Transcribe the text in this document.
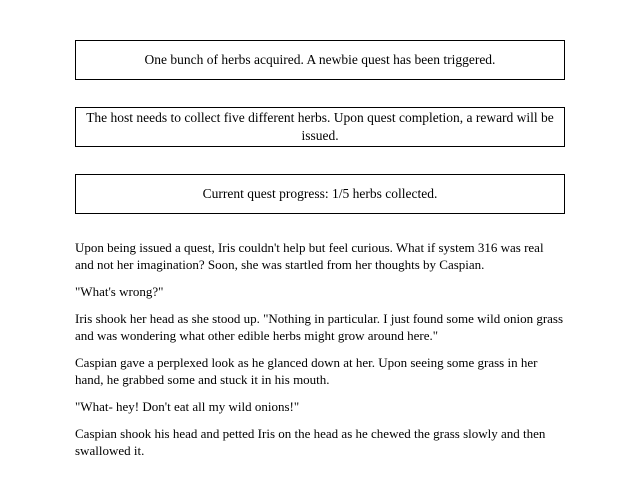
One bunch of herbs acquired. A newbie quest has been triggered.
The host needs to collect five different herbs. Upon quest completion, a reward will be issued.
Current quest progress: 1/5 herbs collected.

Upon being issued a quest, Iris couldn't help but feel curious. What if system 316 was real and not her imagination? Soon, she was startled from her thoughts by Caspian.

"What's wrong?"

Iris shook her head as she stood up. "Nothing in particular. I just found some wild onion grass and was wondering what other edible herbs might grow around here."

Caspian gave a perplexed look as he glanced down at her. Upon seeing some grass in her hand, he grabbed some and stuck it in his mouth.

"What- hey! Don't eat all my wild onions!"

Caspian shook his head and petted Iris on the head as he chewed the grass slowly and then swallowed it.
